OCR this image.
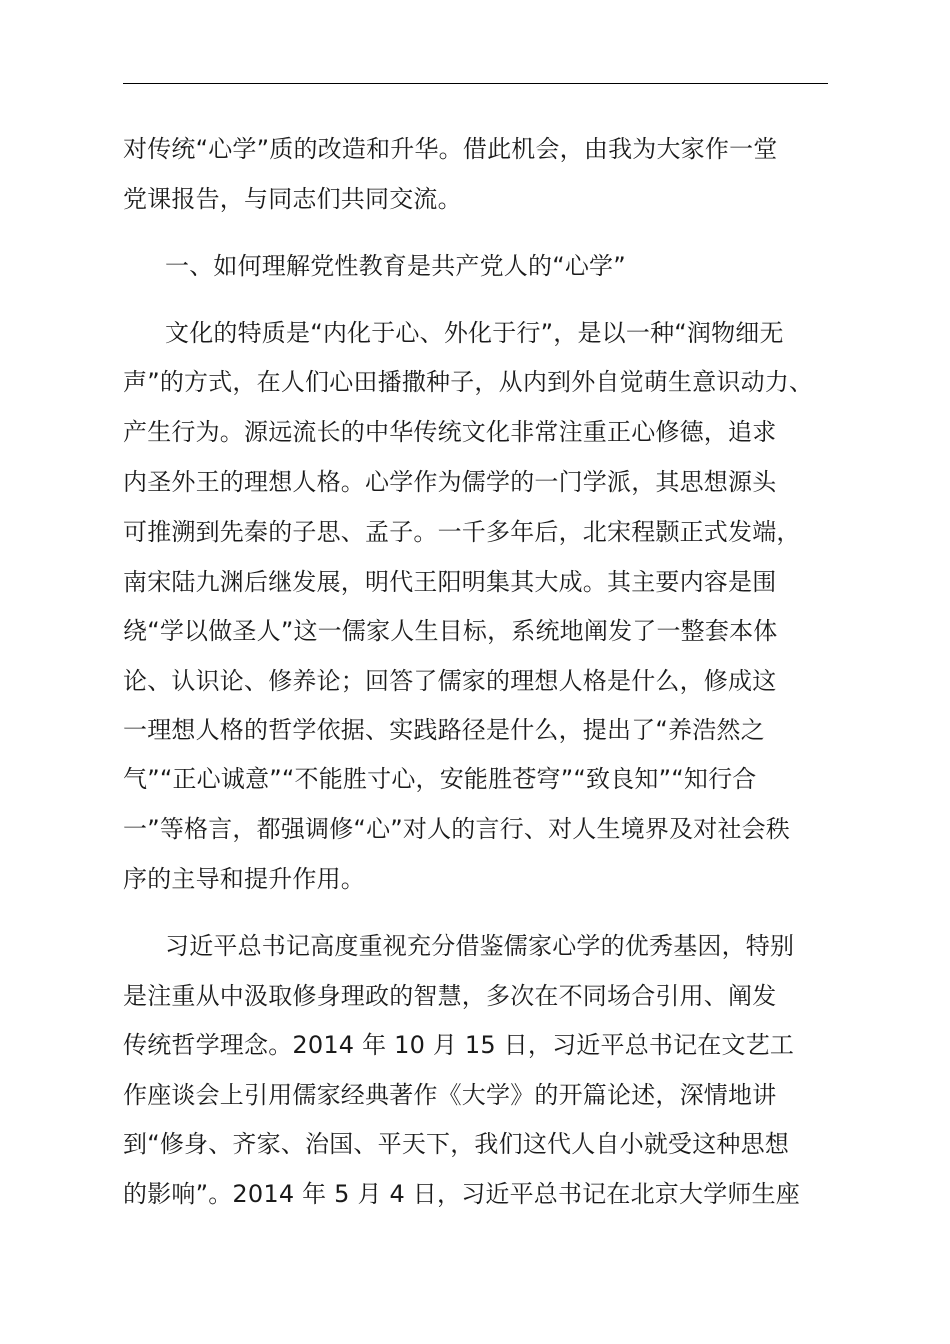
对传统“心学”质的改造和升华。借此机会，由我为大家作一堂
党课报告，与同志们共同交流。
一、如何理解党性教育是共产党人的“心学”
文化的特质是“内化于心、外化于行”，是以一种“润物细无
声”的方式，在人们心田播撒种子，从内到外自觉萌生意识动力、
产生行为。源远流长的中华传统文化非常注重正心修德，追求
内圣外王的理想人格。心学作为儒学的一门学派，其思想源头
可推溯到先秦的子思、孟子。一千多年后，北宋程颢正式发端，
南宋陆九渊后继发展，明代王阳明集其大成。其主要内容是围
绕“学以做圣人”这一儒家人生目标，系统地阐发了一整套本体
论、认识论、修养论；回答了儒家的理想人格是什么，修成这
一理想人格的哲学依据、实践路径是什么，提出了“养浩然之
气”“正心诚意”“不能胜寸心，安能胜苍穹”“致良知”“知行合
一”等格言，都强调修“心”对人的言行、对人生境界及对社会秩
序的主导和提升作用。
习近平总书记高度重视充分借鉴儒家心学的优秀基因，特别
是注重从中汲取修身理政的智慧，多次在不同场合引用、阐发
传统哲学理念。2014 年 10 月 15 日，习近平总书记在文艺工
作座谈会上引用儒家经典著作《大学》的开篇论述，深情地讲
到“修身、齐家、治国、平天下，我们这代人自小就受这种思想
的影响”。2014 年 5 月 4 日，习近平总书记在北京大学师生座
